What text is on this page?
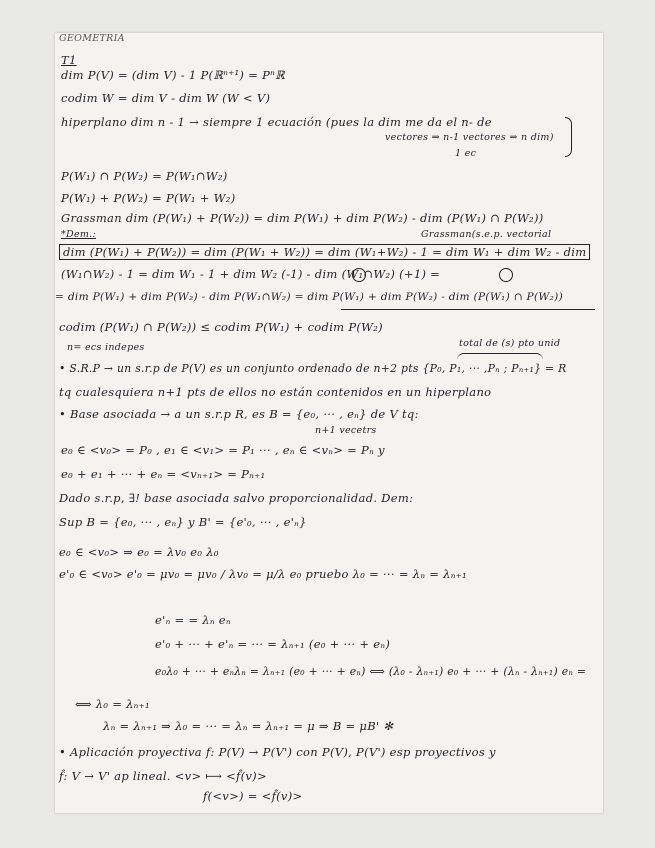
GEOMETRIA
T1
dim P(V) = (dim V) - 1 P(ℝⁿ⁺¹) = Pⁿℝ
codim W = dim V - dim W (W < V)
hiperplano dim n - 1 → siempre 1 ecuación (pues la dim me da el n- de
vectores ⇒ n-1 vectores ⇒ n dim)
1 ec
P(W₁) ∩ P(W₂) = P(W₁∩W₂)
P(W₁) + P(W₂) = P(W₁ + W₂)
Grassman dim (P(W₁) + P(W₂)) = dim P(W₁) + dim P(W₂) - dim (P(W₁) ∩ P(W₂))
*Dem.:	Grassman(s.e.p. vectorial
dim (P(W₁) + P(W₂)) = dim (P(W₁ + W₂)) = dim (W₁+W₂) - 1 = dim W₁ + dim W₂ - dim
(W₁∩W₂) - 1 = dim W₁ - 1 + dim W₂ (-1) - dim (W₁∩W₂) (+1) =
= dim P(W₁) + dim P(W₂) - dim P(W₁∩W₂) = dim P(W₁) + dim P(W₂) - dim (P(W₁) ∩ P(W₂))
codim (P(W₁) ∩ P(W₂)) ≤ codim P(W₁) + codim P(W₂)
n= ecs indepes	total de (s) pto unid
• S.R.P → un s.r.p de P(V) es un conjunto ordenado de n+2 pts {P₀, P₁, ··· ,Pₙ ; Pₙ₊₁} = R
tq cualesquiera n+1 pts de ellos no están contenidos en un hiperplano
• Base asociada → a un s.r.p R, es B = {e₀, ··· , eₙ} de V tq:
n+1 vecetrs
e₀ ∈ <v₀> = P₀ , e₁ ∈ <v₁> = P₁ ··· , eₙ ∈ <vₙ> = Pₙ y
e₀ + e₁ + ··· + eₙ = <vₙ₊₁> = Pₙ₊₁
Dado s.r.p, ∃! base asociada salvo proporcionalidad. Dem:
Sup B = {e₀, ··· , eₙ} y B' = {e'₀, ··· , e'ₙ}
e₀ ∈ <v₀> ⇒ e₀ = λv₀ e₀ λ₀
e'₀ ∈ <v₀> e'₀ = μv₀ = μv₀ / λv₀ = μ/λ e₀ pruebo λ₀ = ··· = λₙ = λₙ₊₁
e'ₙ = = λₙ eₙ
e'₀ + ··· + e'ₙ = ··· = λₙ₊₁ (e₀ + ··· + eₙ)
e₀λ₀ + ··· + eₙλₙ = λₙ₊₁ (e₀ + ··· + eₙ) ⟺ (λ₀ - λₙ₊₁) e₀ + ··· + (λₙ - λₙ₊₁) eₙ =
⟺ λ₀ = λₙ₊₁
λₙ = λₙ₊₁ ⇒ λ₀ = ··· = λₙ = λₙ₊₁ = μ ⇒ B = μB' ✻
• Aplicación proyectiva f: P(V) → P(V') con P(V), P(V') esp proyectivos y
f̂: V → V' ap lineal. <v> ⟼ <f̂(v)>
f(<v>) = <f̂(v)>
